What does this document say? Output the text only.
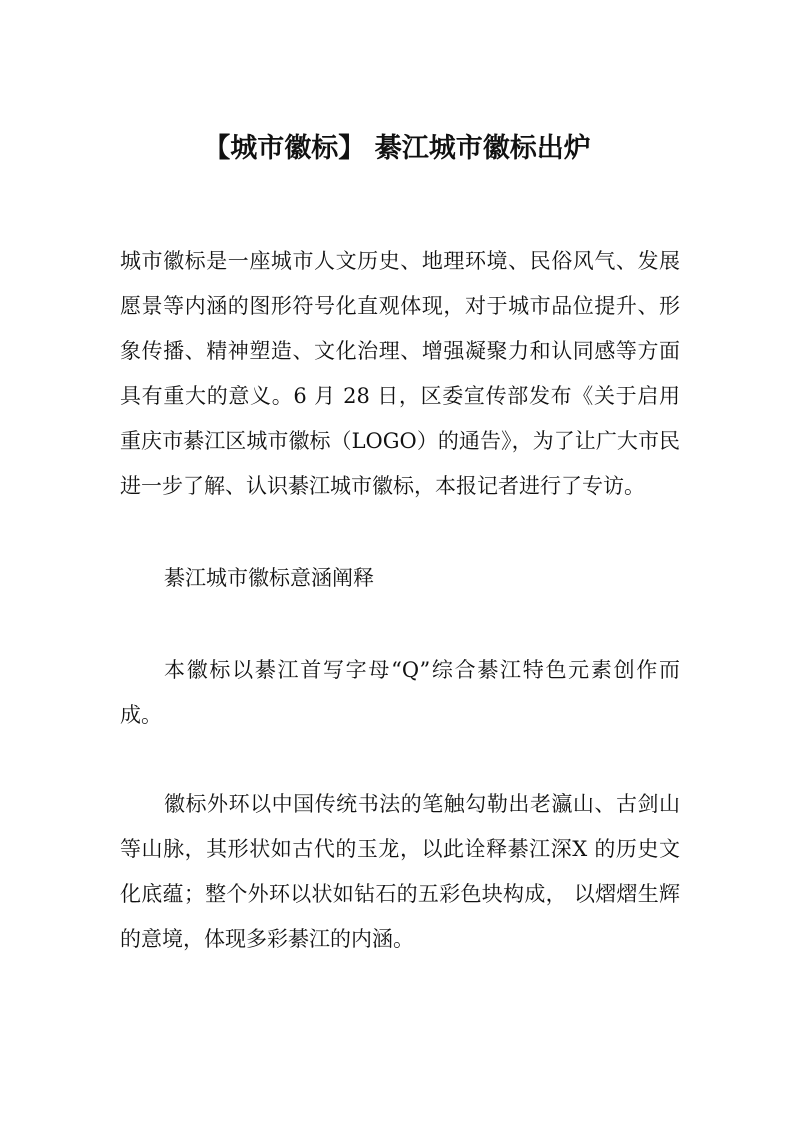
【城市徽标】 綦江城市徽标出炉

城市徽标是一座城市人文历史、地理环境、民俗风气、发展愿景等内涵的图形符号化直观体现，对于城市品位提升、形象传播、精神塑造、文化治理、增强凝聚力和认同感等方面具有重大的意义。6 月 28 日，区委宣传部发布《关于启用重庆市綦江区城市徽标（LOGO）的通告》，为了让广大市民进一步了解、认识綦江城市徽标，本报记者进行了专访。

綦江城市徽标意涵阐释

本徽标以綦江首写字母“Q”综合綦江特色元素创作而成。

徽标外环以中国传统书法的笔触勾勒出老瀛山、古剑山等山脉，其形状如古代的玉龙，以此诠释綦江深X 的历史文化底蕴；整个外环以状如钻石的五彩色块构成， 以熠熠生辉的意境，体现多彩綦江的内涵。
